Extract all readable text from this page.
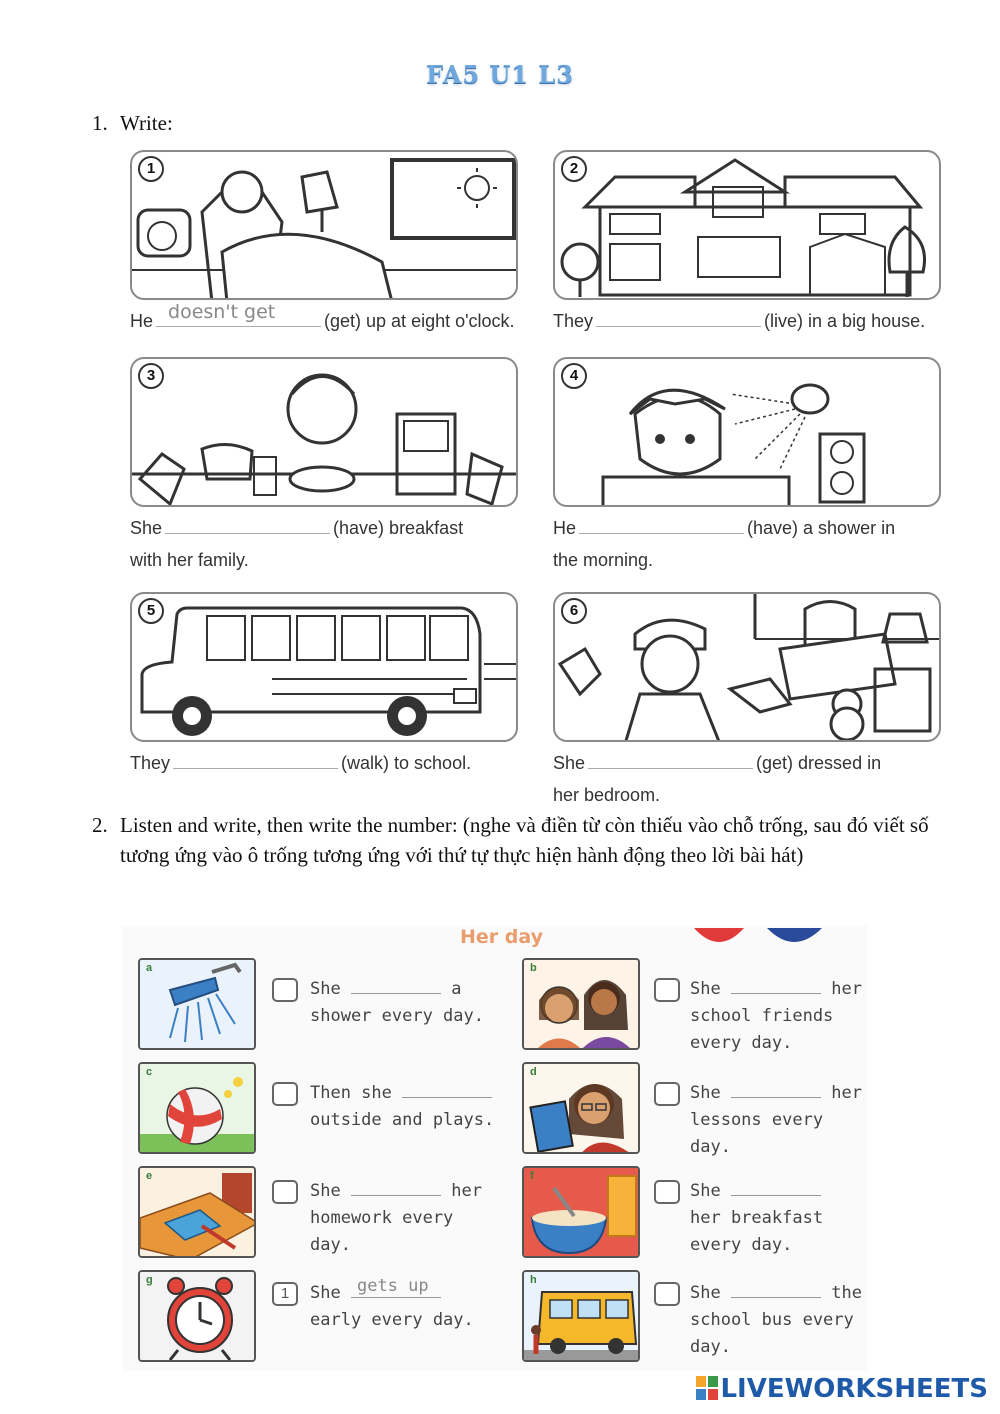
FA5 U1 L3
1. Write:
1
He doesn't get	(get) up at eight o'clock.
2
They	(live) in a big house.
3
She	(have) breakfast
with her family.
4
He	(have) a shower in
the morning.
5
They	(walk) to school.
6
She	(get) dressed in
her bedroom.
2. Listen and write, then write the number: (nghe và điền từ còn thiếu vào chỗ trống, sau đó viết số tương ứng vào ô trống tương ứng với thứ tự thực hiện hành động theo lời bài hát)
Her day
a
She	a
shower every day.
b
She	her
school friends
every day.
c
Then she

outside and plays.
d
She	her
lessons every day.
e
She	her
homework every
day.
f
She

her breakfast
every day.
g
1	She gets up

early every day.
h
She	the
school bus every
day.
LIVEWORKSHEETS
